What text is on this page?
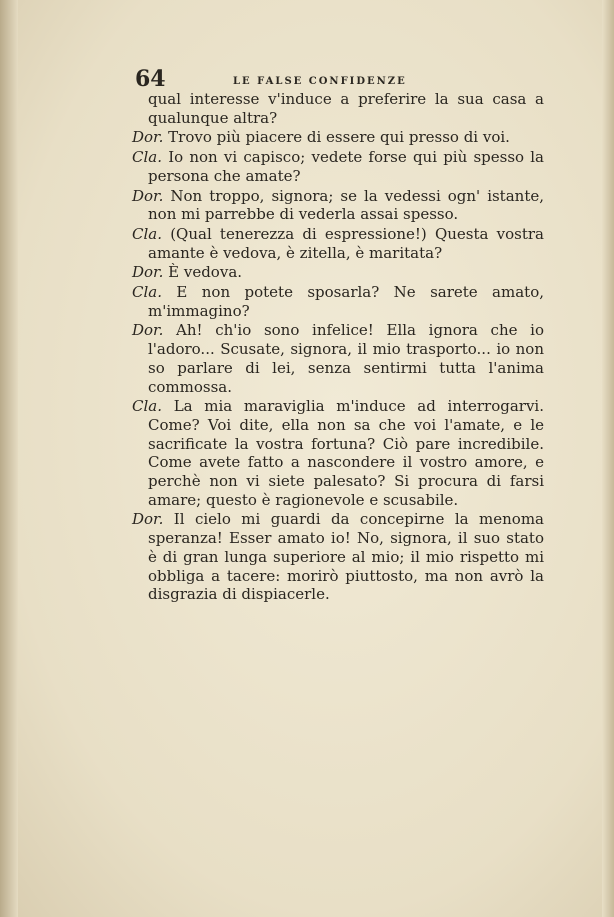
64	LE FALSE CONFIDENZE

qual interesse v'induce a preferire la sua casa a qualunque altra?

Dor. Trovo più piacere di essere qui presso di voi.

Cla. Io non vi capisco; vedete forse qui più spesso la persona che amate?

Dor. Non troppo, signora; se la vedessi ogn' istante, non mi parrebbe di vederla assai spesso.

Cla. (Qual tenerezza di espressione!) Questa vostra amante è vedova, è zitella, è maritata?

Dor. È vedova.

Cla. E non potete sposarla? Ne sarete amato, m'immagino?

Dor. Ah! ch'io sono infelice! Ella ignora che io l'adoro... Scusate, signora, il mio trasporto... io non so parlare di lei, senza sentirmi tutta l'anima commossa.

Cla. La mia maraviglia m'induce ad interrogarvi. Come? Voi dite, ella non sa che voi l'amate, e le sacrificate la vostra fortuna? Ciò pare incredibile. Come avete fatto a nascondere il vostro amore, e perchè non vi siete palesato? Si procura di farsi amare; questo è ragionevole e scusabile.

Dor. Il cielo mi guardi da concepirne la menoma speranza! Esser amato io! No, signora, il suo stato è di gran lunga superiore al mio; il mio rispetto mi obbliga a tacere: morirò piuttosto, ma non avrò la disgrazia di dispiacerle.
